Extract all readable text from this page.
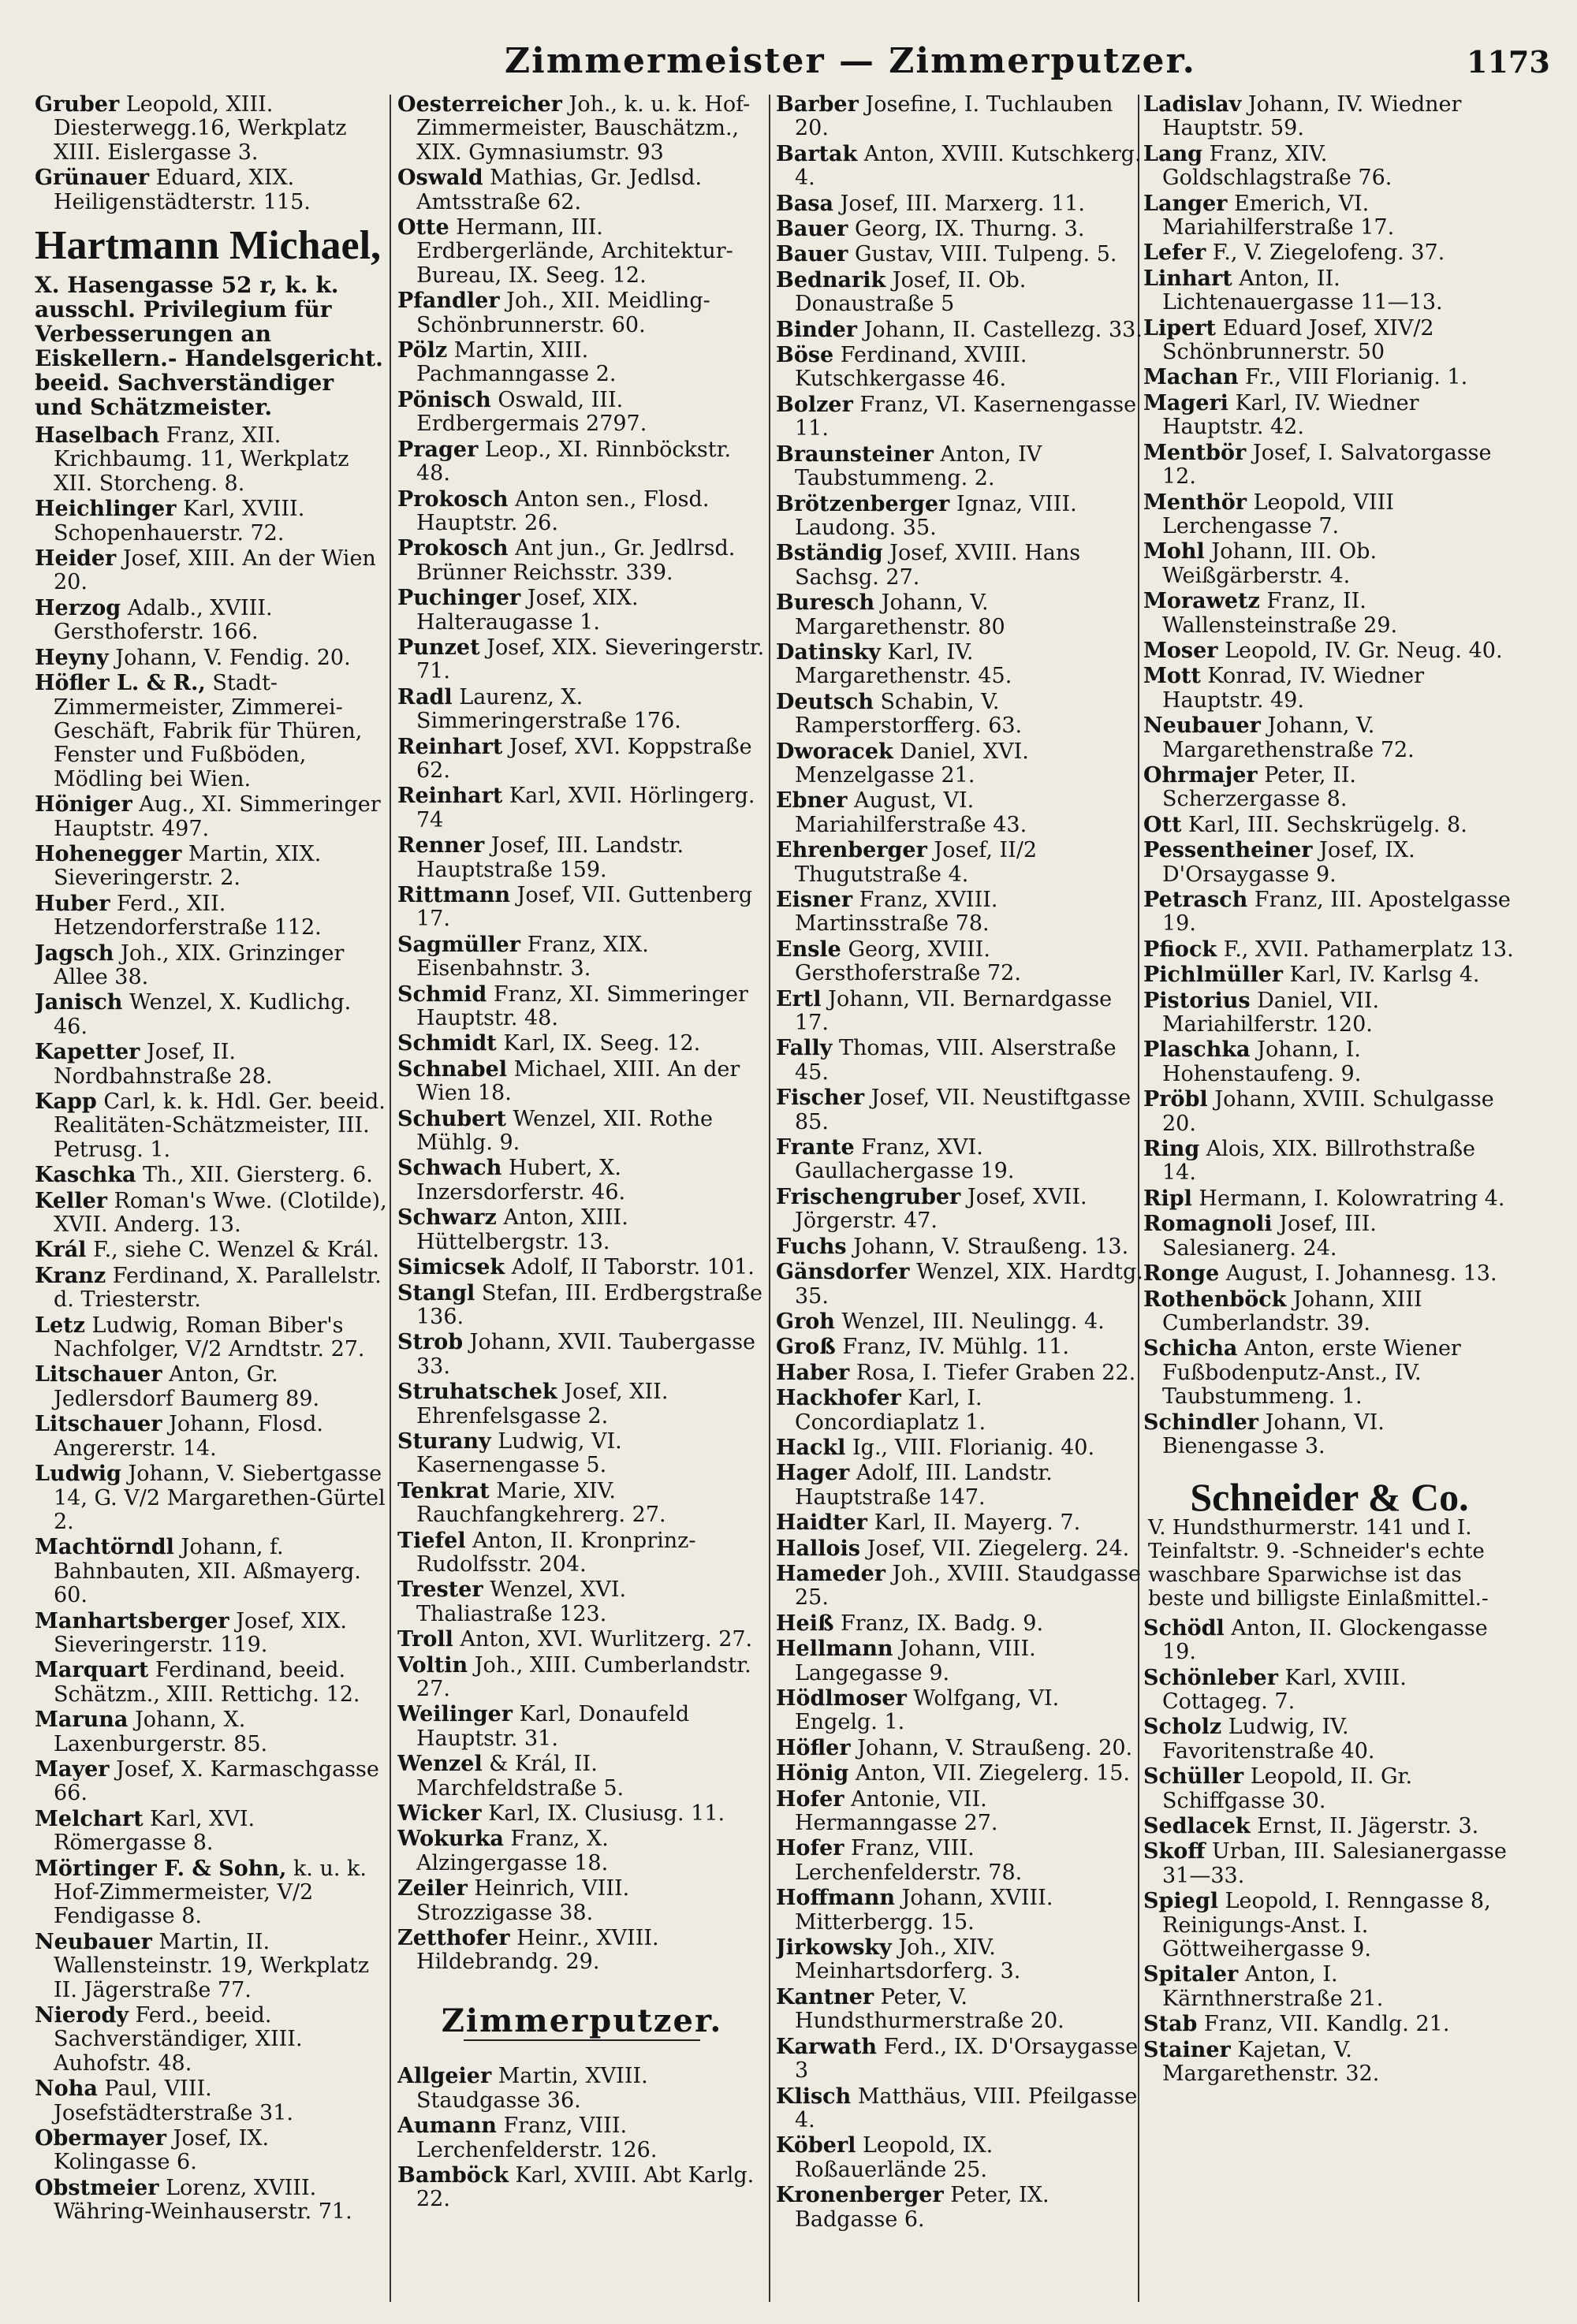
Zimmermeister — Zimmerputzer.	1173
Gruber Leopold, XIII. Diesterwegg.16, Werkplatz XIII. Eislergasse 3.
Grünauer Eduard, XIX. Heiligenstädterstr. 115.
Hartmann Michael,
X. Hasengasse 52 r, k. k. ausschl. Privilegium für Verbesserungen an Eiskellern.- Handelsgericht. beeid. Sachverständiger und Schätzmeister.
Haselbach Franz, XII. Krichbaumg. 11, Werkplatz XII. Storcheng. 8.
Heichlinger Karl, XVIII. Schopenhauerstr. 72.
Heider Josef, XIII. An der Wien 20.
Herzog Adalb., XVIII. Gersthoferstr. 166.
Heyny Johann, V. Fendig. 20.
Höfler L. & R., Stadt-Zimmermeister, Zimmerei-Geschäft, Fabrik für Thüren, Fenster und Fußböden, Mödling bei Wien.
Höniger Aug., XI. Simmeringer Hauptstr. 497.
Hohenegger Martin, XIX. Sieveringerstr. 2.
Huber Ferd., XII. Hetzendorferstraße 112.
Jagsch Joh., XIX. Grinzinger Allee 38.
Janisch Wenzel, X. Kudlichg. 46.
Kapetter Josef, II. Nordbahnstraße 28.
Kapp Carl, k. k. Hdl. Ger. beeid. Realitäten-Schätzmeister, III. Petrusg. 1.
Kaschka Th., XII. Giersterg. 6.
Keller Roman's Wwe. (Clotilde), XVII. Anderg. 13.
Král F., siehe C. Wenzel & Král.
Kranz Ferdinand, X. Parallelstr. d. Triesterstr.
Letz Ludwig, Roman Biber's Nachfolger, V/2 Arndtstr. 27.
Litschauer Anton, Gr. Jedlersdorf Baumerg 89.
Litschauer Johann, Flosd. Angererstr. 14.
Ludwig Johann, V. Siebertgasse 14, G. V/2 Margarethen-Gürtel 2.
Machtörndl Johann, f. Bahnbauten, XII. Aßmayerg. 60.
Manhartsberger Josef, XIX. Sieveringerstr. 119.
Marquart Ferdinand, beeid. Schätzm., XIII. Rettichg. 12.
Maruna Johann, X. Laxenburgerstr. 85.
Mayer Josef, X. Karmaschgasse 66.
Melchart Karl, XVI. Römergasse 8.
Mörtinger F. & Sohn, k. u. k. Hof-Zimmermeister, V/2 Fendigasse 8.
Neubauer Martin, II. Wallensteinstr. 19, Werkplatz II. Jägerstraße 77.
Nierody Ferd., beeid. Sachverständiger, XIII. Auhofstr. 48.
Noha Paul, VIII. Josefstädterstraße 31.
Obermayer Josef, IX. Kolingasse 6.
Obstmeier Lorenz, XVIII. Währing-Weinhauserstr. 71.
Oesterreicher Joh., k. u. k. Hof-Zimmermeister, Bauschätzm., XIX. Gymnasiumstr. 93
Oswald Mathias, Gr. Jedlsd. Amtsstraße 62.
Otte Hermann, III. Erdbergerlände, Architektur-Bureau, IX. Seeg. 12.
Pfandler Joh., XII. Meidling-Schönbrunnerstr. 60.
Pölz Martin, XIII. Pachmanngasse 2.
Pönisch Oswald, III. Erdbergermais 2797.
Prager Leop., XI. Rinnböckstr. 48.
Prokosch Anton sen., Flosd. Hauptstr. 26.
Prokosch Ant jun., Gr. Jedlrsd. Brünner Reichsstr. 339.
Puchinger Josef, XIX. Halteraugasse 1.
Punzet Josef, XIX. Sieveringerstr. 71.
Radl Laurenz, X. Simmeringerstraße 176.
Reinhart Josef, XVI. Koppstraße 62.
Reinhart Karl, XVII. Hörlingerg. 74
Renner Josef, III. Landstr. Hauptstraße 159.
Rittmann Josef, VII. Guttenberg 17.
Sagmüller Franz, XIX. Eisenbahnstr. 3.
Schmid Franz, XI. Simmeringer Hauptstr. 48.
Schmidt Karl, IX. Seeg. 12.
Schnabel Michael, XIII. An der Wien 18.
Schubert Wenzel, XII. Rothe Mühlg. 9.
Schwach Hubert, X. Inzersdorferstr. 46.
Schwarz Anton, XIII. Hüttelbergstr. 13.
Simicsek Adolf, II Taborstr. 101.
Stangl Stefan, III. Erdbergstraße 136.
Strob Johann, XVII. Taubergasse 33.
Struhatschek Josef, XII. Ehrenfelsgasse 2.
Sturany Ludwig, VI. Kasernengasse 5.
Tenkrat Marie, XIV. Rauchfangkehrerg. 27.
Tiefel Anton, II. Kronprinz-Rudolfsstr. 204.
Trester Wenzel, XVI. Thaliastraße 123.
Troll Anton, XVI. Wurlitzerg. 27.
Voltin Joh., XIII. Cumberlandstr. 27.
Weilinger Karl, Donaufeld Hauptstr. 31.
Wenzel & Král, II. Marchfeldstraße 5.
Wicker Karl, IX. Clusiusg. 11.
Wokurka Franz, X. Alzingergasse 18.
Zeiler Heinrich, VIII. Strozzigasse 38.
Zetthofer Heinr., XVIII. Hildebrandg. 29.
Zimmerputzer.
Allgeier Martin, XVIII. Staudgasse 36.
Aumann Franz, VIII. Lerchenfelderstr. 126.
Bamböck Karl, XVIII. Abt Karlg. 22.
Barber Josefine, I. Tuchlauben 20.
Bartak Anton, XVIII. Kutschkerg. 4.
Basa Josef, III. Marxerg. 11.
Bauer Georg, IX. Thurng. 3.
Bauer Gustav, VIII. Tulpeng. 5.
Bednarik Josef, II. Ob. Donaustraße 5
Binder Johann, II. Castellezg. 33.
Böse Ferdinand, XVIII. Kutschkergasse 46.
Bolzer Franz, VI. Kasernengasse 11.
Braunsteiner Anton, IV Taubstummeng. 2.
Brötzenberger Ignaz, VIII. Laudong. 35.
Bständig Josef, XVIII. Hans Sachsg. 27.
Buresch Johann, V. Margarethenstr. 80
Datinsky Karl, IV. Margarethenstr. 45.
Deutsch Schabin, V. Ramperstorfferg. 63.
Dworacek Daniel, XVI. Menzelgasse 21.
Ebner August, VI. Mariahilferstraße 43.
Ehrenberger Josef, II/2 Thugutstraße 4.
Eisner Franz, XVIII. Martinsstraße 78.
Ensle Georg, XVIII. Gersthoferstraße 72.
Ertl Johann, VII. Bernardgasse 17.
Fally Thomas, VIII. Alserstraße 45.
Fischer Josef, VII. Neustiftgasse 85.
Frante Franz, XVI. Gaullachergasse 19.
Frischengruber Josef, XVII. Jörgerstr. 47.
Fuchs Johann, V. Straußeng. 13.
Gänsdorfer Wenzel, XIX. Hardtg. 35.
Groh Wenzel, III. Neulingg. 4.
Groß Franz, IV. Mühlg. 11.
Haber Rosa, I. Tiefer Graben 22.
Hackhofer Karl, I. Concordiaplatz 1.
Hackl Ig., VIII. Florianig. 40.
Hager Adolf, III. Landstr. Hauptstraße 147.
Haidter Karl, II. Mayerg. 7.
Hallois Josef, VII. Ziegelerg. 24.
Hameder Joh., XVIII. Staudgasse 25.
Heiß Franz, IX. Badg. 9.
Hellmann Johann, VIII. Langegasse 9.
Hödlmoser Wolfgang, VI. Engelg. 1.
Höfler Johann, V. Straußeng. 20.
Hönig Anton, VII. Ziegelerg. 15.
Hofer Antonie, VII. Hermanngasse 27.
Hofer Franz, VIII. Lerchenfelderstr. 78.
Hoffmann Johann, XVIII. Mitterbergg. 15.
Jirkowsky Joh., XIV. Meinhartsdorferg. 3.
Kantner Peter, V. Hundsthurmerstraße 20.
Karwath Ferd., IX. D'Orsaygasse 3
Klisch Matthäus, VIII. Pfeilgasse 4.
Köberl Leopold, IX. Roßauerlände 25.
Kronenberger Peter, IX. Badgasse 6.
Ladislav Johann, IV. Wiedner Hauptstr. 59.
Lang Franz, XIV. Goldschlagstraße 76.
Langer Emerich, VI. Mariahilferstraße 17.
Lefer F., V. Ziegelofeng. 37.
Linhart Anton, II. Lichtenauergasse 11—13.
Lipert Eduard Josef, XIV/2 Schönbrunnerstr. 50
Machan Fr., VIII Florianig. 1.
Mageri Karl, IV. Wiedner Hauptstr. 42.
Mentbör Josef, I. Salvatorgasse 12.
Menthör Leopold, VIII Lerchengasse 7.
Mohl Johann, III. Ob. Weißgärberstr. 4.
Morawetz Franz, II. Wallensteinstraße 29.
Moser Leopold, IV. Gr. Neug. 40.
Mott Konrad, IV. Wiedner Hauptstr. 49.
Neubauer Johann, V. Margarethenstraße 72.
Ohrmajer Peter, II. Scherzergasse 8.
Ott Karl, III. Sechskrügelg. 8.
Pessentheiner Josef, IX. D'Orsaygasse 9.
Petrasch Franz, III. Apostelgasse 19.
Pfiock F., XVII. Pathamerplatz 13.
Pichlmüller Karl, IV. Karlsg 4.
Pistorius Daniel, VII. Mariahilferstr. 120.
Plaschka Johann, I. Hohenstaufeng. 9.
Pröbl Johann, XVIII. Schulgasse 20.
Ring Alois, XIX. Billrothstraße 14.
Ripl Hermann, I. Kolowratring 4.
Romagnoli Josef, III. Salesianerg. 24.
Ronge August, I. Johannesg. 13.
Rothenböck Johann, XIII Cumberlandstr. 39.
Schicha Anton, erste Wiener Fußbodenputz-Anst., IV. Taubstummeng. 1.
Schindler Johann, VI. Bienengasse 3.
Schneider & Co.
V. Hundsthurmerstr. 141 und I. Teinfaltstr. 9. -Schneider's echte waschbare Sparwichse ist das beste und billigste Einlaßmittel.-
Schödl Anton, II. Glockengasse 19.
Schönleber Karl, XVIII. Cottageg. 7.
Scholz Ludwig, IV. Favoritenstraße 40.
Schüller Leopold, II. Gr. Schiffgasse 30.
Sedlacek Ernst, II. Jägerstr. 3.
Skoff Urban, III. Salesianergasse 31—33.
Spiegl Leopold, I. Renngasse 8, Reinigungs-Anst. I. Göttweihergasse 9.
Spitaler Anton, I. Kärnthnerstraße 21.
Stab Franz, VII. Kandlg. 21.
Stainer Kajetan, V. Margarethenstr. 32.
